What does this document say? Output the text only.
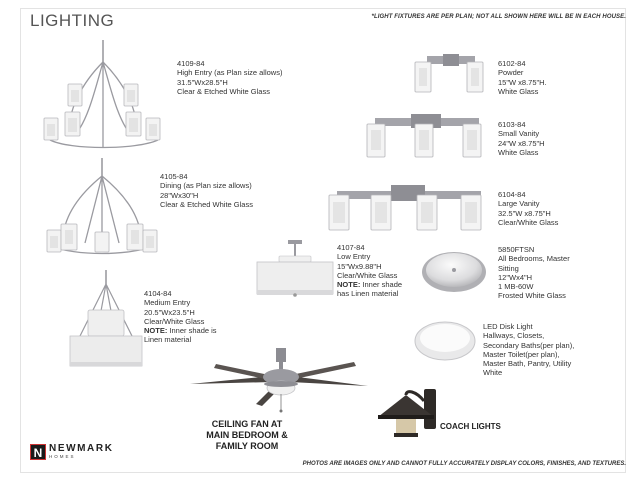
LIGHTING	*LIGHT FIXTURES ARE PER PLAN; NOT ALL SHOWN HERE WILL BE IN EACH HOUSE.
4109-84
High Entry (as Plan size allows)
31.5"Wx28.5"H
Clear & Etched White Glass
4105-84
Dining (as Plan size allows)
28"Wx30"H
Clear & Etched White Glass
4104-84
Medium Entry
20.5"Wx23.5"H
Clear/White Glass
NOTE: Inner shade is
Linen material
6102-84
Powder
15"W x8.75"H.
White Glass
6103-84
Small Vanity
24"W x8.75"H
White Glass
6104-84
Large Vanity
32.5"W x8.75"H
Clear/White Glass
4107-84
Low Entry
15"Wx9.88"H
Clear/White Glass
NOTE: Inner shade
has Linen material
5850FTSN
All Bedrooms, Master
Sitting
12"Wx4"H
1 MB-60W
Frosted White Glass
LED Disk Light
Hallways, Closets,
Secondary Baths(per plan),
Master Toilet(per plan),
Master Bath, Pantry, Utility
White
CEILING FAN AT
MAIN BEDROOM &
FAMILY ROOM
COACH LIGHTS
N NEWMARK
HOMES
PHOTOS ARE IMAGES ONLY AND CANNOT FULLY ACCURATELY DISPLAY COLORS, FINISHES, AND TEXTURES.
